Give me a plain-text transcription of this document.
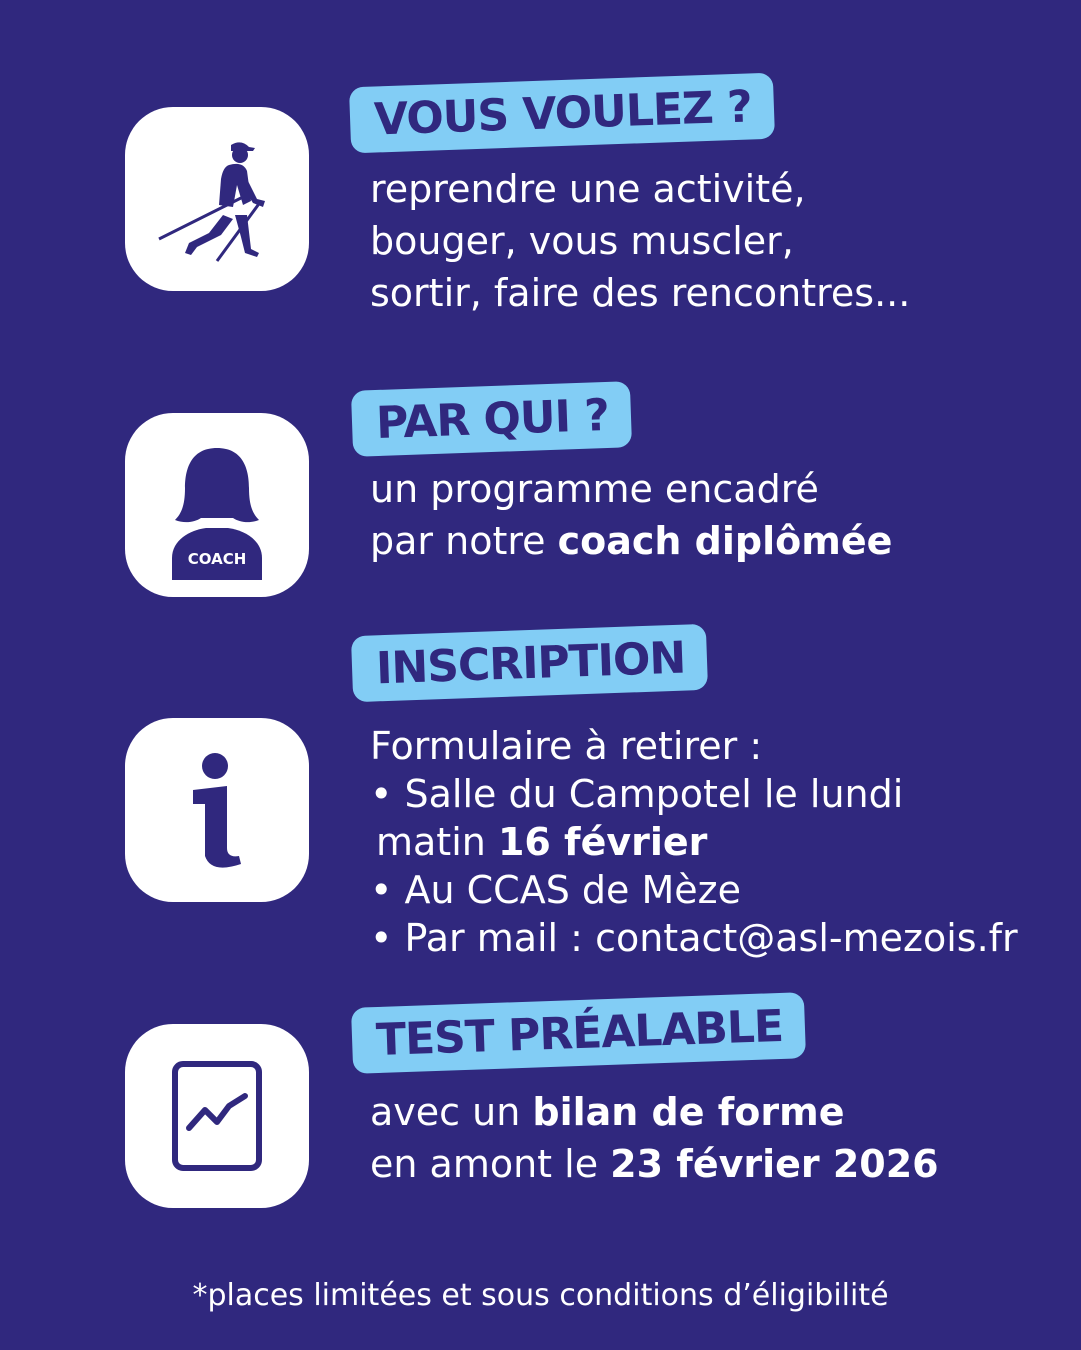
VOUS VOULEZ ?
reprendre une activité,
bouger, vous muscler,
sortir, faire des rencontres...
COACH
PAR QUI ?
un programme encadré
par notre coach diplômée
INSCRIPTION
Formulaire à retirer :
• Salle du Campotel le lundi
matin 16 février
• Au CCAS de Mèze
• Par mail : contact@asl-mezois.fr
TEST PRÉALABLE
avec un bilan de forme
en amont le 23 février 2026
*places limitées et sous conditions d’éligibilité
